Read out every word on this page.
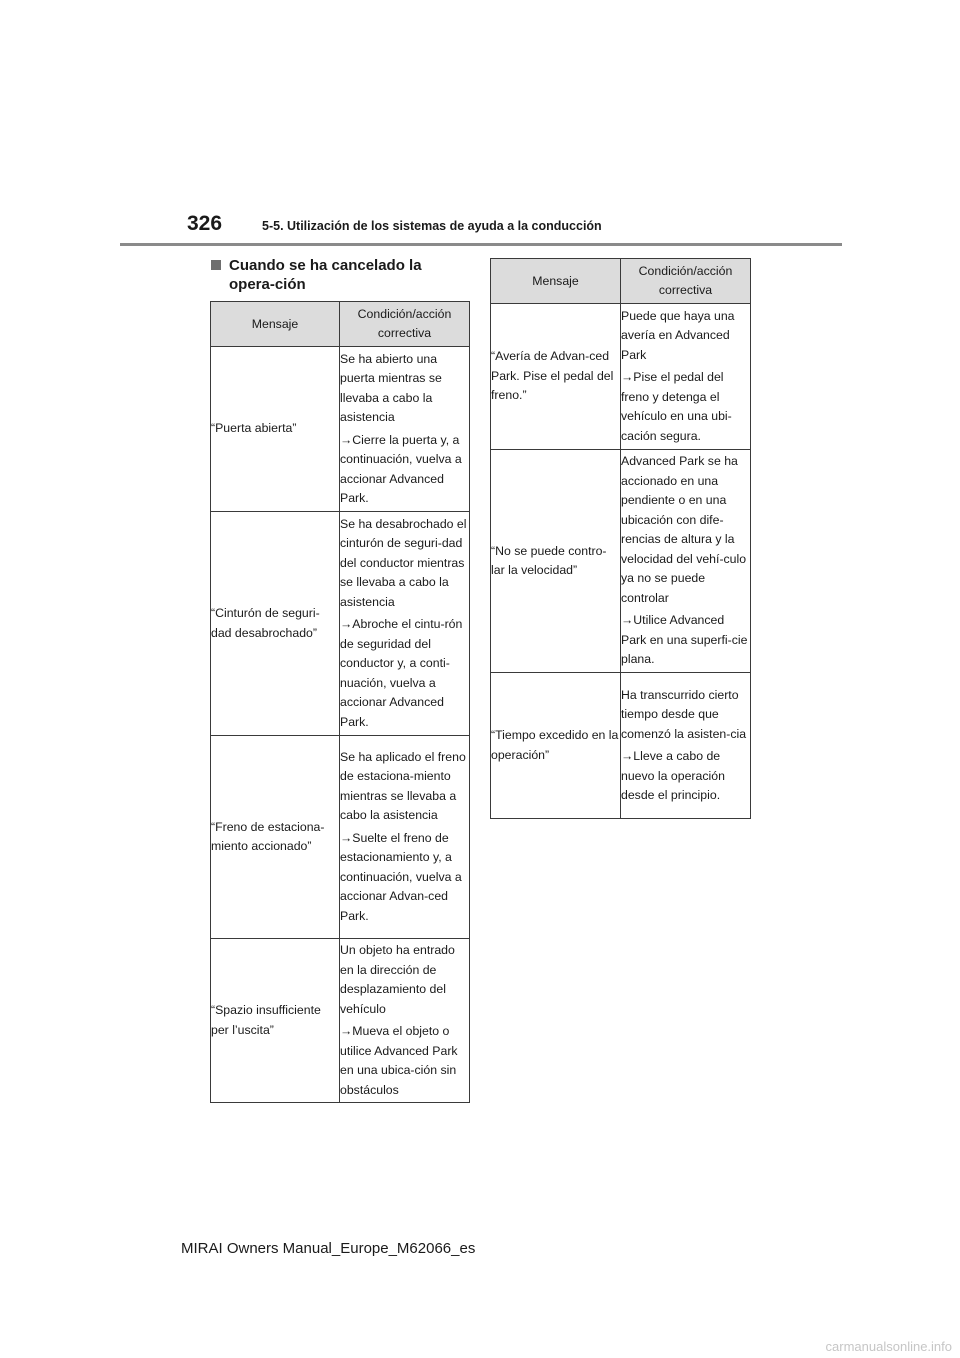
326	5-5. Utilización de los sistemas de ayuda a la conducción
Cuando se ha cancelado la opera-ción
Mensaje	Condición/acción correctiva
“Puerta abierta”	Se ha abierto una puerta mientras se llevaba a cabo la asistencia

→Cierre la puerta y, a continuación, vuelva a accionar Advanced Park.

“Cinturón de seguri-dad desabrochado”	Se ha desabrochado el cinturón de seguri-dad del conductor mientras se llevaba a cabo la asistencia

→Abroche el cintu-rón de seguridad del conductor y, a conti-nuación, vuelva a accionar Advanced Park.

“Freno de estaciona-miento accionado”	Se ha aplicado el freno de estaciona-miento mientras se llevaba a cabo la asistencia

→Suelte el freno de estacionamiento y, a continuación, vuelva a accionar Advan-ced Park.

“Spazio insufficiente per l’uscita”	Un objeto ha entrado en la dirección de desplazamiento del vehículo

→Mueva el objeto o utilice Advanced Park en una ubica-ción sin obstáculos

Mensaje	Condición/acción correctiva
“Avería de Advan-ced Park. Pise el pedal del freno.”	Puede que haya una avería en Advanced Park

→Pise el pedal del freno y detenga el vehículo en una ubi-cación segura.

“No se puede contro-lar la velocidad”	Advanced Park se ha accionado en una pendiente o en una ubicación con dife-rencias de altura y la velocidad del vehí-culo ya no se puede controlar

→Utilice Advanced Park en una superfi-cie plana.

“Tiempo excedido en la operación”	Ha transcurrido cierto tiempo desde que comenzó la asisten-cia

→Lleve a cabo de nuevo la operación desde el principio.

MIRAI Owners Manual_Europe_M62066_es
carmanualsonline.info
